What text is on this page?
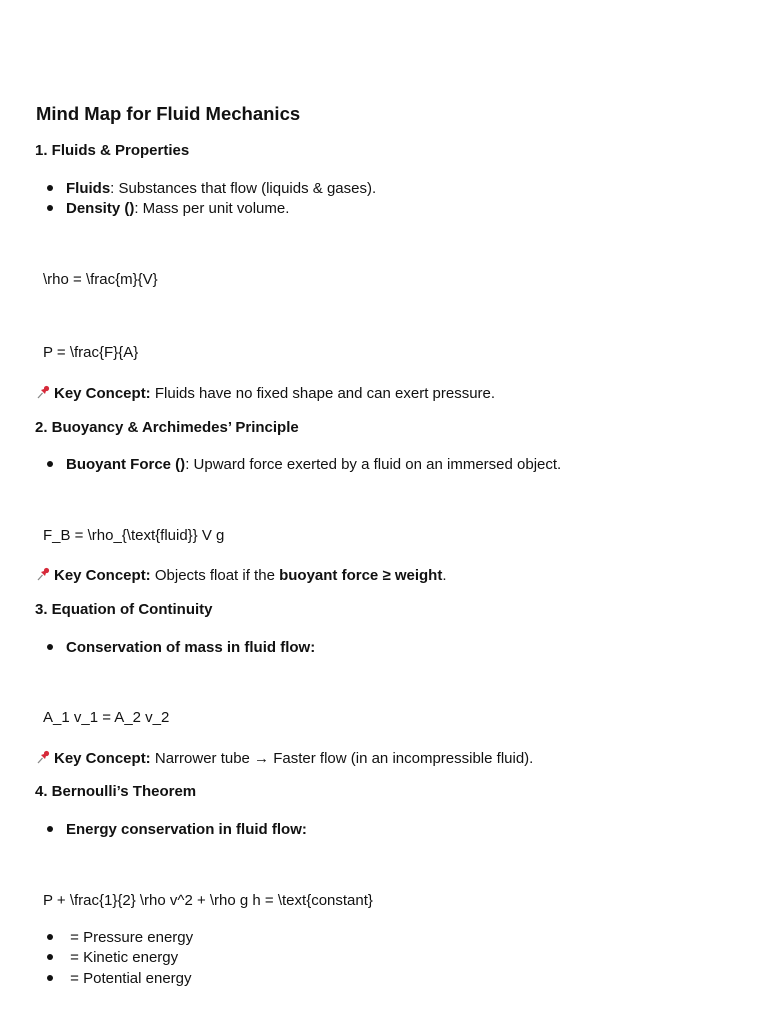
Mind Map for Fluid Mechanics
1. Fluids & Properties
Fluids: Substances that flow (liquids & gases).
Density (): Mass per unit volume.
\rho = \frac{m}{V}
P = \frac{F}{A}
Key Concept: Fluids have no fixed shape and can exert pressure.
2. Buoyancy & Archimedes’ Principle
Buoyant Force (): Upward force exerted by a fluid on an immersed object.
F_B = \rho_{\text{fluid}} V g
Key Concept: Objects float if the buoyant force ≥ weight.
3. Equation of Continuity
Conservation of mass in fluid flow:
A_1 v_1 = A_2 v_2
Key Concept: Narrower tube → Faster flow (in an incompressible fluid).
4. Bernoulli’s Theorem
Energy conservation in fluid flow:
P + \frac{1}{2} \rho v^2 + \rho g h = \text{constant}
= Pressure energy
= Kinetic energy
= Potential energy
